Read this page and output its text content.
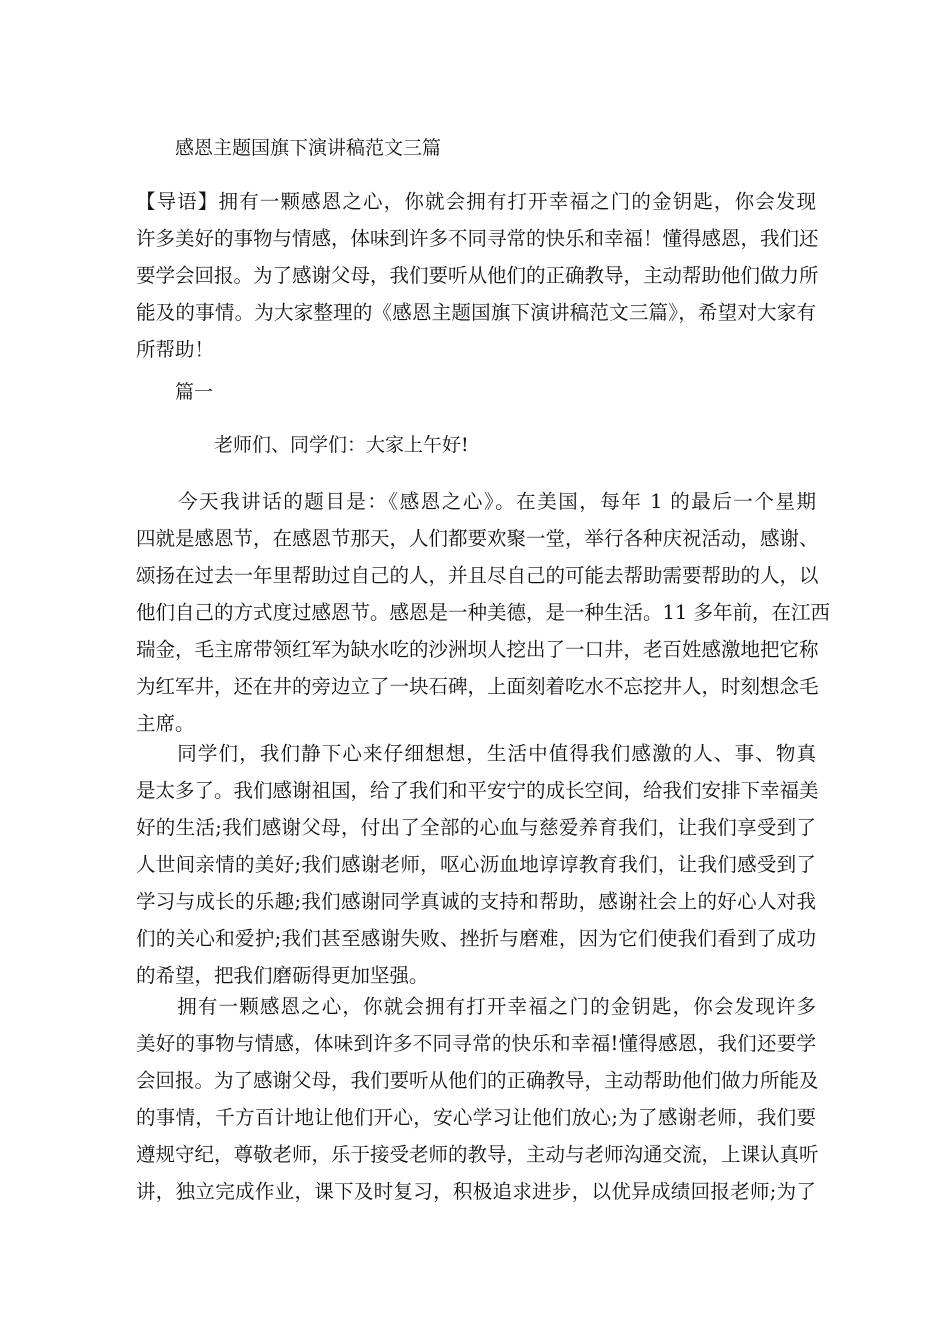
感恩主题国旗下演讲稿范文三篇
【导语】拥有一颗感恩之心，你就会拥有打开幸福之门的金钥匙，你会发现
许多美好的事物与情感，体味到许多不同寻常的快乐和幸福！懂得感恩，我们还
要学会回报。为了感谢父母，我们要听从他们的正确教导，主动帮助他们做力所
能及的事情。为大家整理的《感恩主题国旗下演讲稿范文三篇》，希望对大家有
所帮助！
篇一
老师们、同学们：大家上午好!
　　今天我讲话的题目是：《感恩之心》。在美国，每年 1 的最后一个星期
四就是感恩节，在感恩节那天，人们都要欢聚一堂，举行各种庆祝活动，感谢、
颂扬在过去一年里帮助过自己的人，并且尽自己的可能去帮助需要帮助的人，以
他们自己的方式度过感恩节。感恩是一种美德，是一种生活。11 多年前，在江西
瑞金，毛主席带领红军为缺水吃的沙洲坝人挖出了一口井，老百姓感激地把它称
为红军井，还在井的旁边立了一块石碑，上面刻着吃水不忘挖井人，时刻想念毛
主席。
　　同学们，我们静下心来仔细想想，生活中值得我们感激的人、事、物真
是太多了。我们感谢祖国，给了我们和平安宁的成长空间，给我们安排下幸福美
好的生活;我们感谢父母，付出了全部的心血与慈爱养育我们，让我们享受到了
人世间亲情的美好;我们感谢老师，呕心沥血地谆谆教育我们，让我们感受到了
学习与成长的乐趣;我们感谢同学真诚的支持和帮助，感谢社会上的好心人对我
们的关心和爱护;我们甚至感谢失败、挫折与磨难，因为它们使我们看到了成功
的希望，把我们磨砺得更加坚强。
　　拥有一颗感恩之心，你就会拥有打开幸福之门的金钥匙，你会发现许多
美好的事物与情感，体味到许多不同寻常的快乐和幸福!懂得感恩，我们还要学
会回报。为了感谢父母，我们要听从他们的正确教导，主动帮助他们做力所能及
的事情，千方百计地让他们开心，安心学习让他们放心;为了感谢老师，我们要
遵规守纪，尊敬老师，乐于接受老师的教导，主动与老师沟通交流，上课认真听
讲，独立完成作业，课下及时复习，积极追求进步，以优异成绩回报老师;为了
